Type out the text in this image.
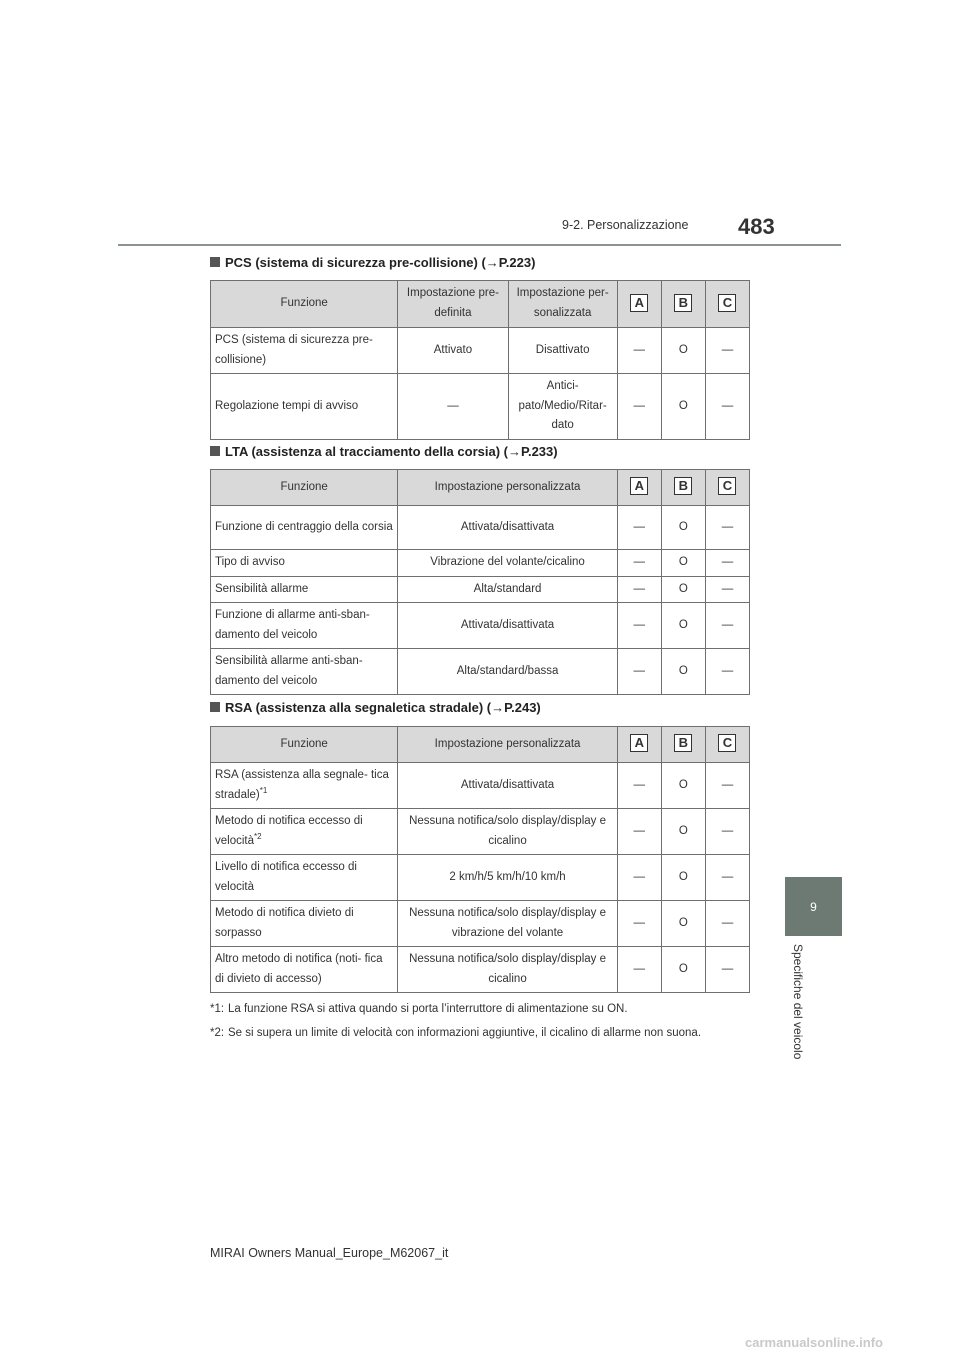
9-2. Personalizzazione 483
9
Specifiche del veicolo
PCS (sistema di sicurezza pre-collisione) (→P.223)
Funzione	Impostazione pre- definita	Impostazione per- sonalizzata	A	B	C
PCS (sistema di sicurezza pre- collisione)	Attivato	Disattivato	—	O	—
Regolazione tempi di avviso	—	Antici- pato/Medio/Ritar- dato	—	O	—
LTA (assistenza al tracciamento della corsia) (→P.233)
Funzione	Impostazione personalizzata	A	B	C
Funzione di centraggio della corsia	Attivata/disattivata	—	O	—
Tipo di avviso	Vibrazione del volante/cicalino	—	O	—
Sensibilità allarme	Alta/standard	—	O	—
Funzione di allarme anti-sban- damento del veicolo	Attivata/disattivata	—	O	—
Sensibilità allarme anti-sban- damento del veicolo	Alta/standard/bassa	—	O	—
RSA (assistenza alla segnaletica stradale) (→P.243)
Funzione	Impostazione personalizzata	A	B	C
RSA (assistenza alla segnale- tica stradale)$^{*1}$	Attivata/disattivata	—	O	—
Metodo di notifica eccesso di velocità$^{*2}$	Nessuna notifica/solo display/display e cicalino	—	O	—
Livello di notifica eccesso di velocità	2 km/h/5 km/h/10 km/h	—	O	—
Metodo di notifica divieto di sorpasso	Nessuna notifica/solo display/display e vibrazione del volante	—	O	—
Altro metodo di notifica (noti- fica di divieto di accesso)	Nessuna notifica/solo display/display e cicalino	—	O	—
*1: La funzione RSA si attiva quando si porta l’interruttore di alimentazione su ON.
*2: Se si supera un limite di velocità con informazioni aggiuntive, il cicalino di allarme non suona.
MIRAI Owners Manual_Europe_M62067_it
carmanualsonline.info
